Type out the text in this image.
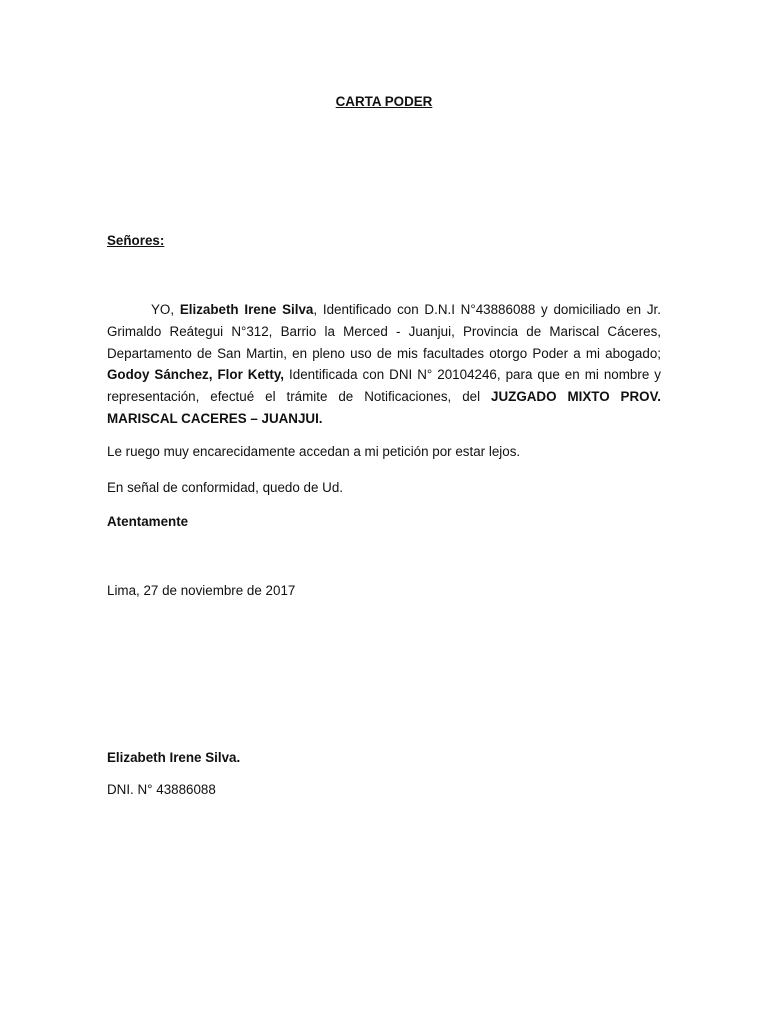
CARTA PODER
Señores:

YO, Elizabeth Irene Silva, Identificado con D.N.I N°43886088 y domiciliado en Jr. Grimaldo Reátegui N°312, Barrio la Merced - Juanjui, Provincia de Mariscal Cáceres, Departamento de San Martin, en pleno uso de mis facultades otorgo Poder a mi abogado; Godoy Sánchez, Flor Ketty, Identificada con DNI N° 20104246, para que en mi nombre y representación, efectué el trámite de Notificaciones, del JUZGADO MIXTO PROV. MARISCAL CACERES – JUANJUI.

Le ruego muy encarecidamente accedan a mi petición por estar lejos.
En señal de conformidad, quedo de Ud.
Atentamente
Lima, 27 de noviembre de 2017
Elizabeth Irene Silva.
DNI. N° 43886088
